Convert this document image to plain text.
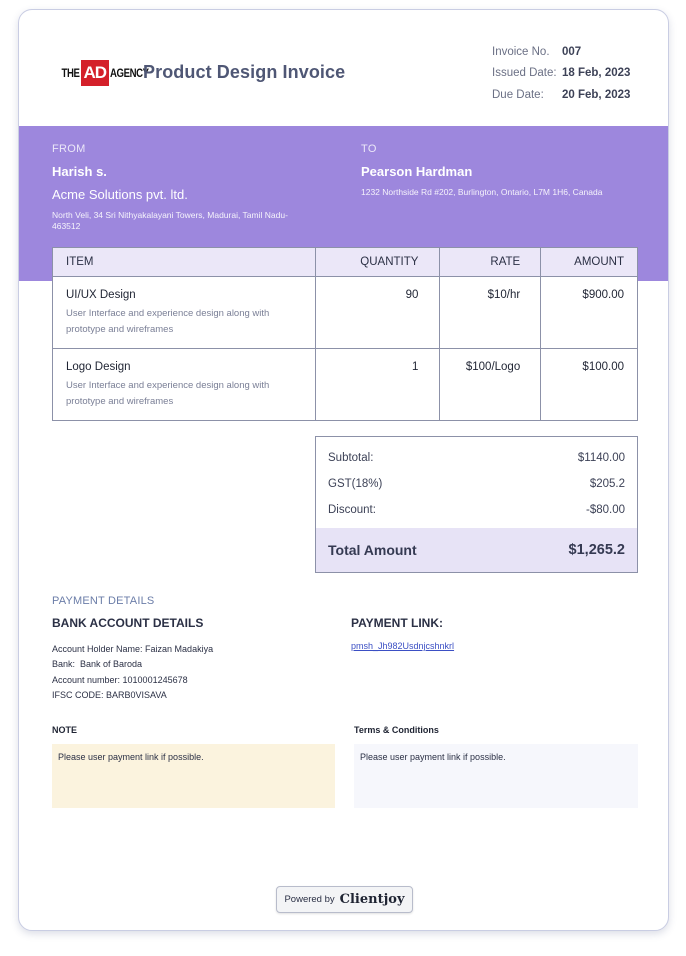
THE AD AGENCY
Product Design Invoice
Invoice No.	007
Issued Date: 18 Feb, 2023
Due Date:	20 Feb, 2023
FROM
Harish s.
Acme Solutions pvt. ltd.
North Veli, 34 Sri Nithyakalayani Towers, Madurai, Tamil Nadu-463512
TO
Pearson Hardman
1232 Northside Rd #202, Burlington, Ontario, L7M 1H6, Canada
ITEM	QUANTITY	RATE	AMOUNT

UI/UX Design
User Interface and experience design along with prototype and wireframes	90	$10/hr	$900.00

Logo Design
User Interface and experience design along with prototype and wireframes	1	$100/Logo	$100.00
Subtotal:	$1140.00
GST(18%)	$205.2
Discount:	-$80.00
Total Amount	$1,265.2
PAYMENT DETAILS
BANK ACCOUNT DETAILS
Account Holder Name: Faizan Madakiya
Bank:  Bank of Baroda
Account number: 1010001245678
IFSC CODE: BARB0VISAVA
PAYMENT LINK:
pmsh_Jh982Usdnjcshnkrl
NOTE	Terms & Conditions
Please user payment link if possible.	Please user payment link if possible.
Powered by Clientjoy
